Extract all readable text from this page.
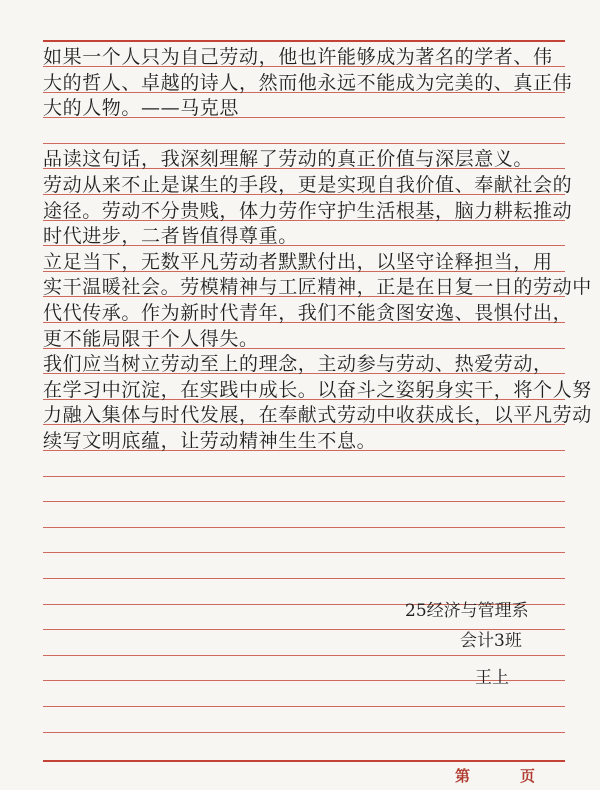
如果一个人只为自己劳动，他也许能够成为著名的学者、伟
大的哲人、卓越的诗人，然而他永远不能成为完美的、真正伟
大的人物。——马克思
品读这句话，我深刻理解了劳动的真正价值与深层意义。
劳动从来不止是谋生的手段，更是实现自我价值、奉献社会的
途径。劳动不分贵贱，体力劳作守护生活根基，脑力耕耘推动
时代进步，二者皆值得尊重。
立足当下，无数平凡劳动者默默付出，以坚守诠释担当，用
实干温暖社会。劳模精神与工匠精神，正是在日复一日的劳动中
代代传承。作为新时代青年，我们不能贪图安逸、畏惧付出，
更不能局限于个人得失。
我们应当树立劳动至上的理念，主动参与劳动、热爱劳动，
在学习中沉淀，在实践中成长。以奋斗之姿躬身实干，将个人努
力融入集体与时代发展，在奉献式劳动中收获成长，以平凡劳动
续写文明底蕴，让劳动精神生生不息。
25经济与管理系
会计3班
王上
第	页
